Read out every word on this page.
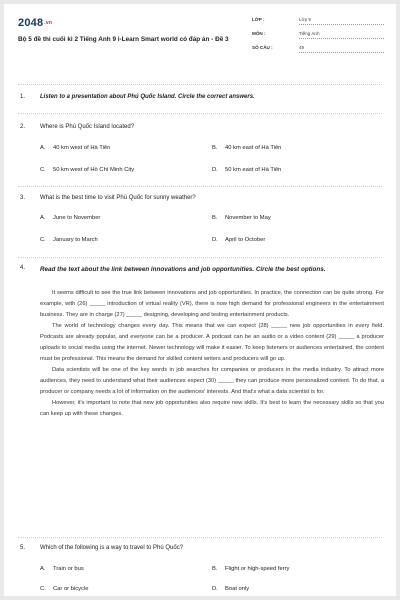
2048.vn
Bộ 5 đề thi cuối kì 2 Tiếng Anh 9 i-Learn Smart world có đáp án - Đề 3
LỚP :	Lớp 9
MÔN :	Tiếng Anh
SỐ CÂU :	49
1. Listen to a presentation about Phú Quốc Island. Circle the correct answers.
2. Where is Phú Quốc Island located?
A. 40 km west of Hà Tiên	B. 40 km east of Hà Tiên
C. 50 km west of Hồ Chí Minh City	D. 50 km east of Hà Tiên
3. What is the best time to visit Phú Quốc for sunny weather?
A. June to November	B. November to May
C. January to March	D. April to October
4. Read the text about the link between innovations and job opportunities. Circle the best options.

It seems difficult to see the true link between innovations and job opportunities. In practice, the connection can be quite strong. For example, with (26) _____ introduction of virtual reality (VR), there is now high demand for professional engineers in the entertainment business. They are in charge (27) _____ designing, developing and testing entertainment products.

The world of technology changes every day. This means that we can expect (28) _____ new job opportunities in every field. Podcasts are already popular, and everyone can be a producer. A podcast can be an audio or a video content (29) _____ a producer uploads to social media using the internet. Newer technology will make it easier. To keep listeners or audiences entertained, the content must be professional. This means the demand for skilled content writers and producers will go up.

Data scientists will be one of the key words in job searches for companies or producers in the media industry. To attract more audiences, they need to understand what their audiences expect (30) _____ they can produce more personalized content. To do that, a producer or company needs a lot of information on the audiences' interests. And that's what a data scientist is for.

However, it's important to note that new job opportunities also require new skills. It's best to learn the necessary skills so that you can keep up with these changes.

5. Which of the following is a way to travel to Phú Quốc?
A. Train or bus	B. Flight or high-speed ferry
C. Car or bicycle	D. Boat only
